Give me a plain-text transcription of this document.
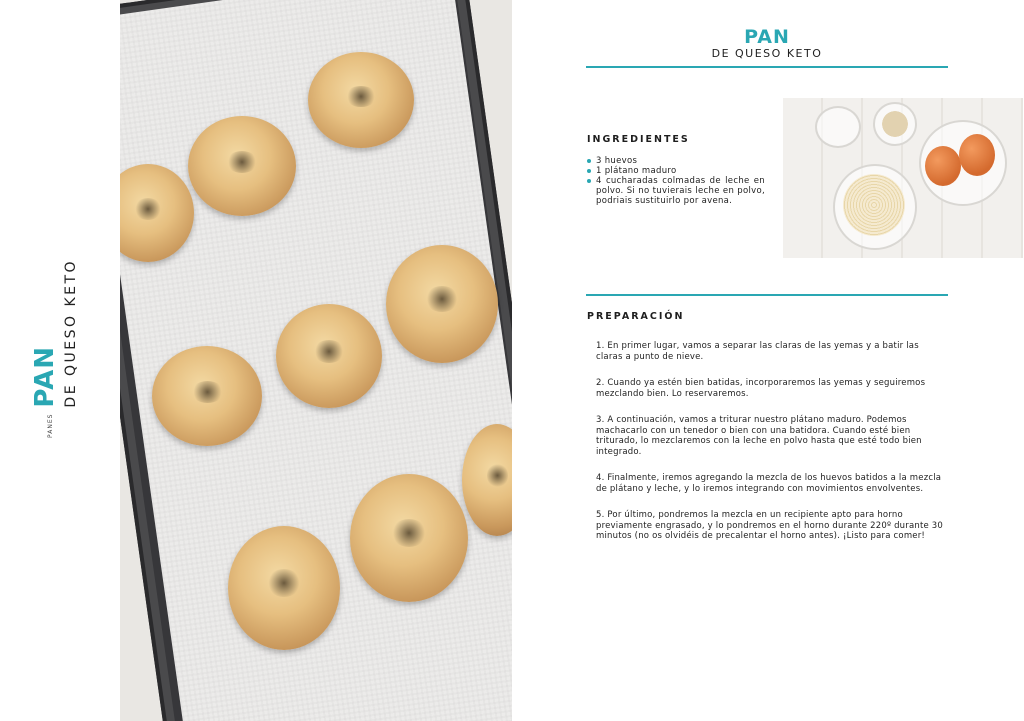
PANES
PAN DE QUESO KETO
PAN
DE QUESO KETO
INGREDIENTES
3 huevos
1 plátano maduro
4 cucharadas colmadas de leche en polvo. Si no tuvierais leche en polvo, podriais sustituirlo por avena.
PREPARACIÓN

1. En primer lugar, vamos a separar las claras de las yemas y a batir las claras a punto de nieve.

2. Cuando ya estén bien batidas, incorporaremos las yemas y seguiremos mezclando bien. Lo reservaremos.

3. A continuación, vamos a triturar nuestro plátano maduro. Podemos machacarlo con un tenedor o bien con una batidora. Cuando esté bien triturado, lo mezclaremos con la leche en polvo hasta que esté todo bien integrado.

4. Finalmente, iremos agregando la mezcla de los huevos batidos a la mezcla de plátano y leche, y lo iremos integrando con movimientos envolventes.

5. Por último, pondremos la mezcla en un recipiente apto para horno previamente engrasado, y lo pondremos en el horno durante 220º durante 30 minutos (no os olvidéis de precalentar el horno antes). ¡Listo para comer!
